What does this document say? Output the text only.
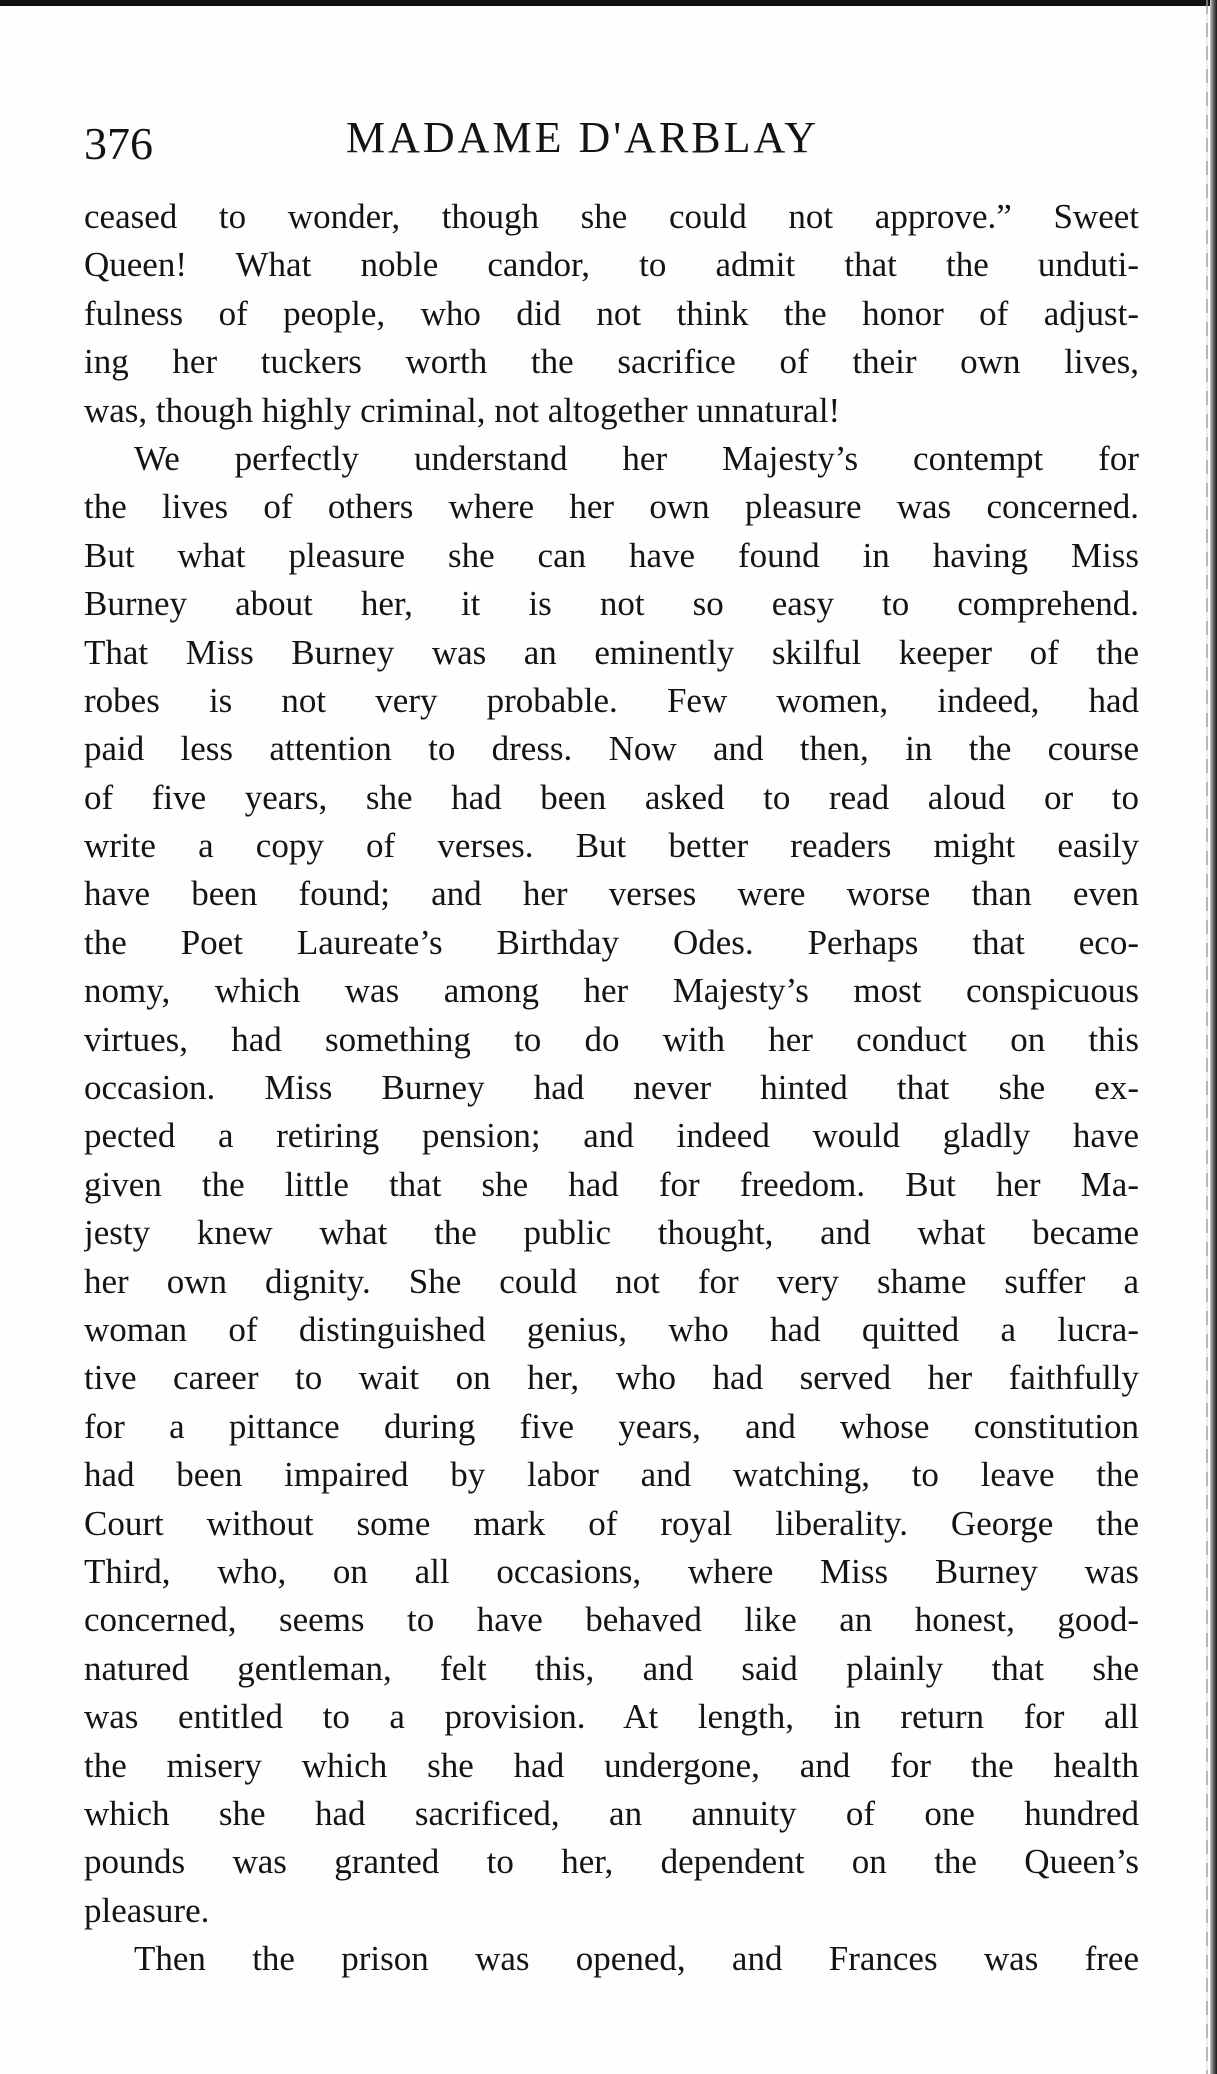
376	MADAME D'ARBLAY
ceased to wonder, though she could not approve.” Sweet
Queen! What noble candor, to admit that the unduti-
fulness of people, who did not think the honor of adjust-
ing her tuckers worth the sacrifice of their own lives,
was, though highly criminal, not altogether unnatural!
We perfectly understand her Majesty’s contempt for
the lives of others where her own pleasure was concerned.
But what pleasure she can have found in having Miss
Burney about her, it is not so easy to comprehend.
That Miss Burney was an eminently skilful keeper of the
robes is not very probable. Few women, indeed, had
paid less attention to dress. Now and then, in the course
of five years, she had been asked to read aloud or to
write a copy of verses. But better readers might easily
have been found; and her verses were worse than even
the Poet Laureate’s Birthday Odes. Perhaps that eco-
nomy, which was among her Majesty’s most conspicuous
virtues, had something to do with her conduct on this
occasion. Miss Burney had never hinted that she ex-
pected a retiring pension; and indeed would gladly have
given the little that she had for freedom. But her Ma-
jesty knew what the public thought, and what became
her own dignity. She could not for very shame suffer a
woman of distinguished genius, who had quitted a lucra-
tive career to wait on her, who had served her faithfully
for a pittance during five years, and whose constitution
had been impaired by labor and watching, to leave the
Court without some mark of royal liberality. George the
Third, who, on all occasions, where Miss Burney was
concerned, seems to have behaved like an honest, good-
natured gentleman, felt this, and said plainly that she
was entitled to a provision. At length, in return for all
the misery which she had undergone, and for the health
which she had sacrificed, an annuity of one hundred
pounds was granted to her, dependent on the Queen’s
pleasure.
Then the prison was opened, and Frances was free
